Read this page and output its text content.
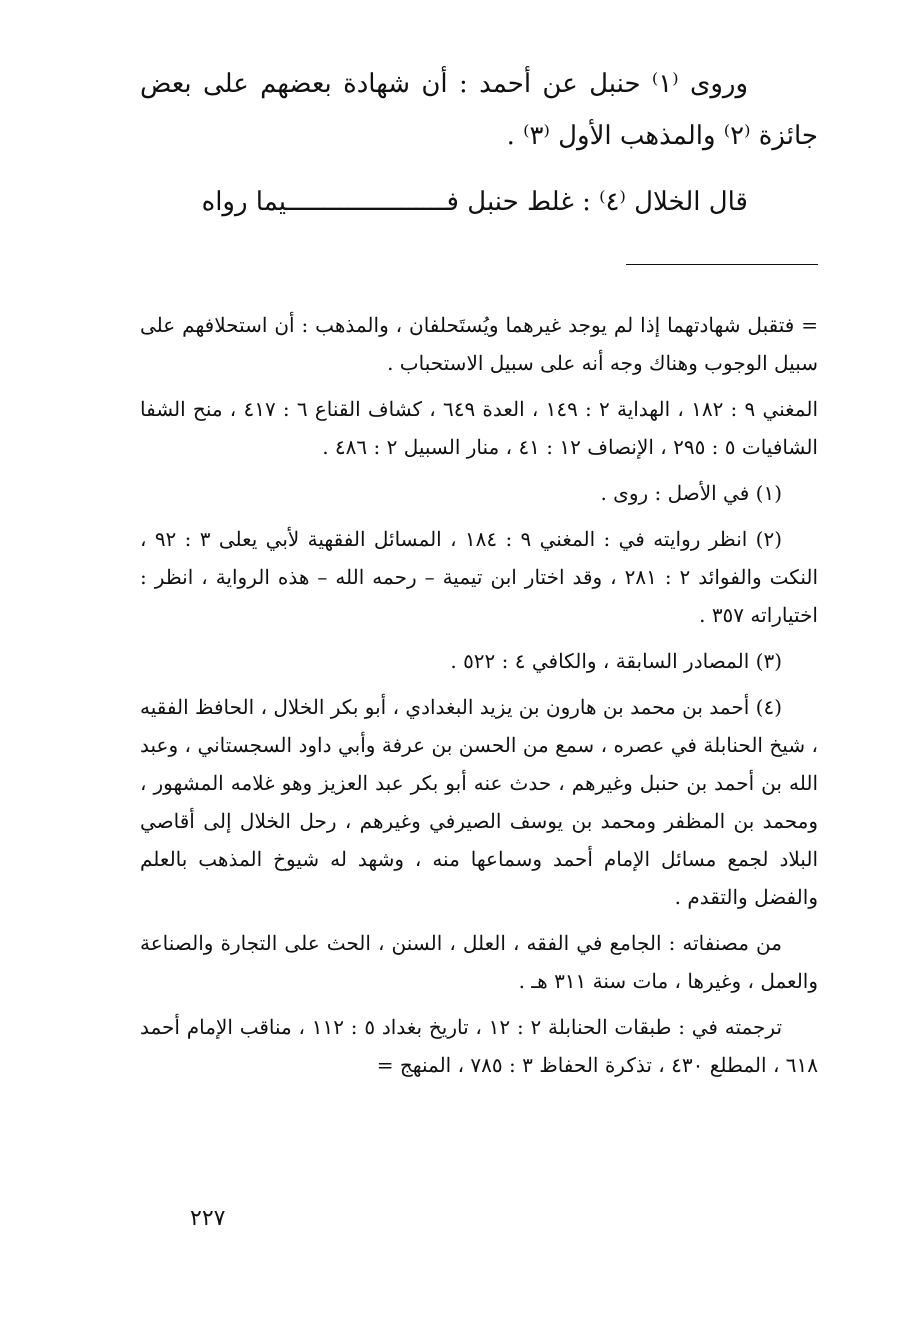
وروى ⁽١⁾ حنبل عن أحمد : أن شهادة بعضهم على بعض جائزة ⁽٢⁾ والمذهب الأول ⁽٣⁾ .

قال الخلال ⁽٤⁾ : غلط حنبل فـــــــــــــــــــــيما رواه

= فتقبل شهادتهما إذا لم يوجد غيرهما ويُستَحلفان ، والمذهب : أن استحلافهم على سبيل الوجوب وهناك وجه أنه على سبيل الاستحباب .

المغني ٩ : ١٨٢ ، الهداية ٢ : ١٤٩ ، العدة ٦٤٩ ، كشاف القناع ٦ : ٤١٧ ، منح الشفا الشافيات ٥ : ٢٩٥ ، الإنصاف ١٢ : ٤١ ، منار السبيل ٢ : ٤٨٦ .

(١) في الأصل : روى .

(٢) انظر روايته في : المغني ٩ : ١٨٤ ، المسائل الفقهية لأبي يعلى ٣ : ٩٢ ، النكت والفوائد ٢ : ٢٨١ ، وقد اختار ابن تيمية – رحمه الله – هذه الرواية ، انظر : اختياراته ٣٥٧ .

(٣) المصادر السابقة ، والكافي ٤ : ٥٢٢ .

(٤) أحمد بن محمد بن هارون بن يزيد البغدادي ، أبو بكر الخلال ، الحافظ الفقيه ، شيخ الحنابلة في عصره ، سمع من الحسن بن عرفة وأبي داود السجستاني ، وعبد الله بن أحمد بن حنبل وغيرهم ، حدث عنه أبو بكر عبد العزيز وهو غلامه المشهور ، ومحمد بن المظفر ومحمد بن يوسف الصيرفي وغيرهم ، رحل الخلال إلى أقاصي البلاد لجمع مسائل الإمام أحمد وسماعها منه ، وشهد له شيوخ المذهب بالعلم والفضل والتقدم .

من مصنفاته : الجامع في الفقه ، العلل ، السنن ، الحث على التجارة والصناعة والعمل ، وغيرها ، مات سنة ٣١١ هـ .

ترجمته في : طبقات الحنابلة ٢ : ١٢ ، تاريخ بغداد ٥ : ١١٢ ، مناقب الإمام أحمد ٦١٨ ، المطلع ٤٣٠ ، تذكرة الحفاظ ٣ : ٧٨٥ ، المنهج =

٢٢٧
